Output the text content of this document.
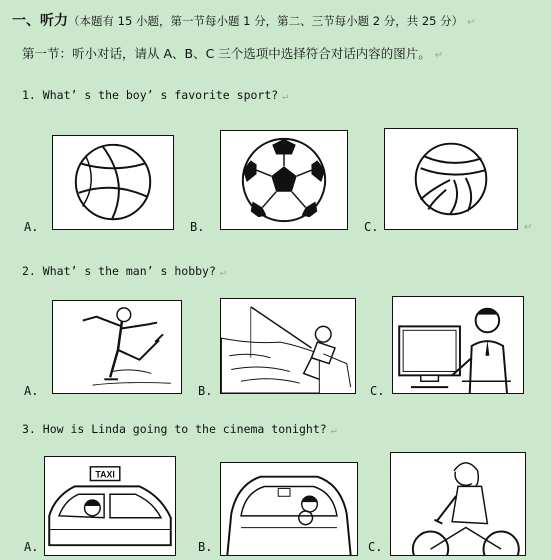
一、听力（本题有 15 小题，第一节每小题 1 分，第二、三节每小题 2 分，共 25 分） ↵
第一节：听小对话，请从 A、B、C 三个选项中选择符合对话内容的图片。 ↵
1. What’ s the boy’ s favorite sport? ↵
A.	B.	C.	↵
2. What’ s the man’ s hobby? ↵
A.	B.	C.
3. How is Linda going to the cinema tonight? ↵
A.
TAXI
B.	C.
